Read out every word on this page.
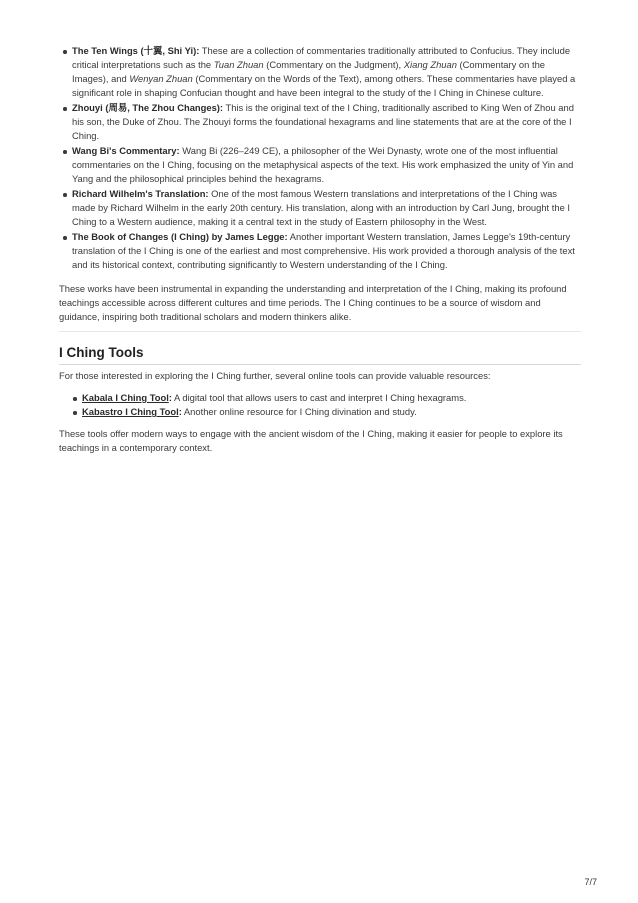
The Ten Wings (十翼, Shi Yi): These are a collection of commentaries traditionally attributed to Confucius. They include critical interpretations such as the Tuan Zhuan (Commentary on the Judgment), Xiang Zhuan (Commentary on the Images), and Wenyan Zhuan (Commentary on the Words of the Text), among others. These commentaries have played a significant role in shaping Confucian thought and have been integral to the study of the I Ching in Chinese culture.
Zhouyi (周易, The Zhou Changes): This is the original text of the I Ching, traditionally ascribed to King Wen of Zhou and his son, the Duke of Zhou. The Zhouyi forms the foundational hexagrams and line statements that are at the core of the I Ching.
Wang Bi's Commentary: Wang Bi (226–249 CE), a philosopher of the Wei Dynasty, wrote one of the most influential commentaries on the I Ching, focusing on the metaphysical aspects of the text. His work emphasized the unity of Yin and Yang and the philosophical principles behind the hexagrams.
Richard Wilhelm's Translation: One of the most famous Western translations and interpretations of the I Ching was made by Richard Wilhelm in the early 20th century. His translation, along with an introduction by Carl Jung, brought the I Ching to a Western audience, making it a central text in the study of Eastern philosophy in the West.
The Book of Changes (I Ching) by James Legge: Another important Western translation, James Legge's 19th-century translation of the I Ching is one of the earliest and most comprehensive. His work provided a thorough analysis of the text and its historical context, contributing significantly to Western understanding of the I Ching.

These works have been instrumental in expanding the understanding and interpretation of the I Ching, making its profound teachings accessible across different cultures and time periods. The I Ching continues to be a source of wisdom and guidance, inspiring both traditional scholars and modern thinkers alike.

I Ching Tools

For those interested in exploring the I Ching further, several online tools can provide valuable resources:

Kabala I Ching Tool: A digital tool that allows users to cast and interpret I Ching hexagrams.
Kabastro I Ching Tool: Another online resource for I Ching divination and study.

These tools offer modern ways to engage with the ancient wisdom of the I Ching, making it easier for people to explore its teachings in a contemporary context.

7/7
